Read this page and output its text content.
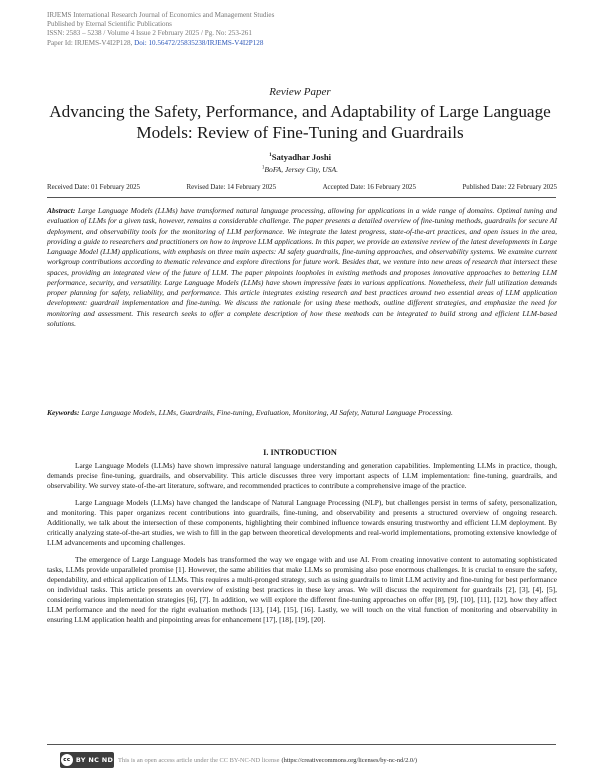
IRJEMS International Research Journal of Economics and Management Studies
Published by Eternal Scientific Publications
ISSN: 2583 – 5238 / Volume 4 Issue 2 February 2025 / Pg. No: 253-261
Paper Id: IRJEMS-V4I2P128, Doi: 10.56472/25835238/IRJEMS-V4I2P128
Review Paper
Advancing the Safety, Performance, and Adaptability of Large Language Models: Review of Fine-Tuning and Guardrails
$^1$Satyadhar Joshi
$^1$BoFA, Jersey City, USA.
Received Date: 01 February 2025	Revised Date: 14 February 2025	Accepted Date: 16 February 2025	Published Date: 22 February 2025
Abstract: Large Language Models (LLMs) have transformed natural language processing, allowing for applications in a wide range of domains. Optimal tuning and evaluation of LLMs for a given task, however, remains a considerable challenge. The paper presents a detailed overview of fine-tuning methods, guardrails for secure AI deployment, and observability tools for the monitoring of LLM performance. We integrate the latest progress, state-of-the-art practices, and open issues in the area, providing a guide to researchers and practitioners on how to improve LLM applications. In this paper, we provide an extensive review of the latest developments in Large Language Model (LLM) applications, with emphasis on three main aspects: AI safety guardrails, fine-tuning approaches, and observability systems. We examine current workgroup contributions according to thematic relevance and explore directions for future work. Besides that, we venture into new areas of research that intersect these spaces, providing an integrated view of the future of LLM. The paper pinpoints loopholes in existing methods and proposes innovative approaches to bettering LLM performance, security, and versatility. Large Language Models (LLMs) have shown impressive feats in various applications. Nonetheless, their full utilization demands proper planning for safety, reliability, and performance. This article integrates existing research and best practices around two essential areas of LLM application development: guardrail implementation and fine-tuning. We discuss the rationale for using these methods, outline different strategies, and emphasize the need for monitoring and assessment. This research seeks to offer a complete description of how these methods can be integrated to build strong and efficient LLM-based solutions.
Keywords: Large Language Models, LLMs, Guardrails, Fine-tuning, Evaluation, Monitoring, AI Safety, Natural Language Processing.
I. INTRODUCTION

Large Language Models (LLMs) have shown impressive natural language understanding and generation capabilities. Implementing LLMs in practice, though, demands precise fine-tuning, guardrails, and observability. This article discusses three very important aspects of LLM implementation: fine-tuning, guardrails, and observability. We survey state-of-the-art literature, software, and recommended practices to contribute a comprehensive image of the practice.

Large Language Models (LLMs) have changed the landscape of Natural Language Processing (NLP), but challenges persist in terms of safety, personalization, and monitoring. This paper organizes recent contributions into guardrails, fine-tuning, and observability and presents a structured overview of ongoing research. Additionally, we talk about the intersection of these components, highlighting their combined influence towards ensuring trustworthy and efficient LLM deployment. By critically analyzing state-of-the-art studies, we wish to fill in the gap between theoretical developments and real-world implementations, promoting extensive knowledge of LLM advancements and upcoming challenges.

The emergence of Large Language Models has transformed the way we engage with and use AI. From creating innovative content to automating sophisticated tasks, LLMs provide unparalleled promise [1]. However, the same abilities that make LLMs so promising also pose enormous challenges. It is crucial to ensure the safety, dependability, and ethical application of LLMs. This requires a multi-pronged strategy, such as using guardrails to limit LLM activity and fine-tuning for best performance on individual tasks. This article presents an overview of existing best practices in these key areas. We will discuss the requirement for guardrails [2], [3], [4], [5], considering various implementation strategies [6], [7]. In addition, we will explore the different fine-tuning approaches on offer [8], [9], [10], [11], [12], how they affect LLM performance and the need for the right evaluation methods [13], [14], [15], [16]. Lastly, we will touch on the vital function of monitoring and observability in ensuring LLM application health and pinpointing areas for enhancement [17], [18], [19], [20].

cc BY NC ND This is an open access article under the CC BY-NC-ND license (https://creativecommons.org/licenses/by-nc-nd/2.0/)
